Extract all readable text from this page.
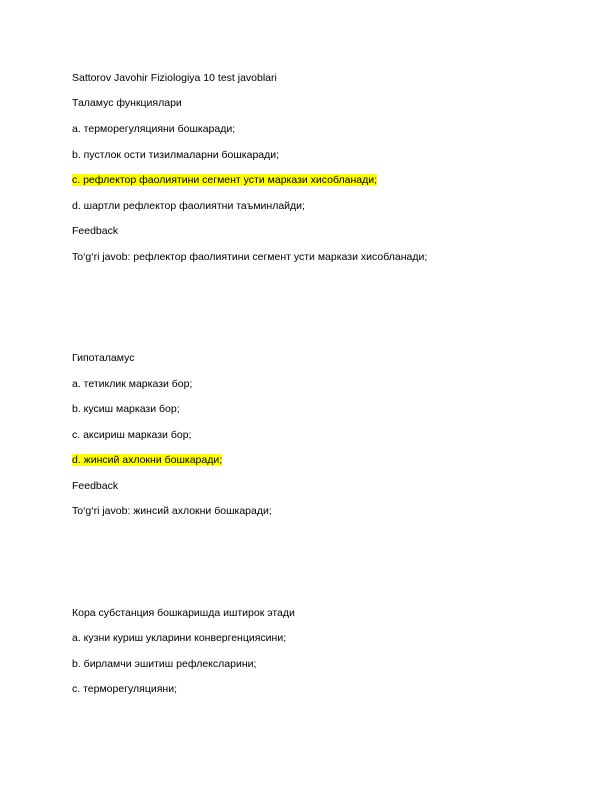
Sattorov Javohir Fiziologiya 10 test javoblari
Таламус функциялари
a. терморегуляцияни бошкаради;
b. пустлок ости тизилмаларни бошкаради;
c. рефлектор фаолиятини сегмент усти маркази хисобланади;
d. шартли рефлектор фаолиятни таъминлайди;
Feedback
To‘g‘ri javob: рефлектор фаолиятини сегмент усти маркази хисобланади;
Гипоталамус
a. тетиклик маркази бор;
b. кусиш маркази бор;
c. аксириш маркази бор;
d. жинсий ахлокни бошкаради;
Feedback
To‘g‘ri javob: жинсий ахлокни бошкаради;
Кора субстанция бошкаришда иштирок этади
a. кузни куриш укларини конвергенциясини;
b. бирламчи эшитиш рефлексларини;
c. терморегуляцияни;
